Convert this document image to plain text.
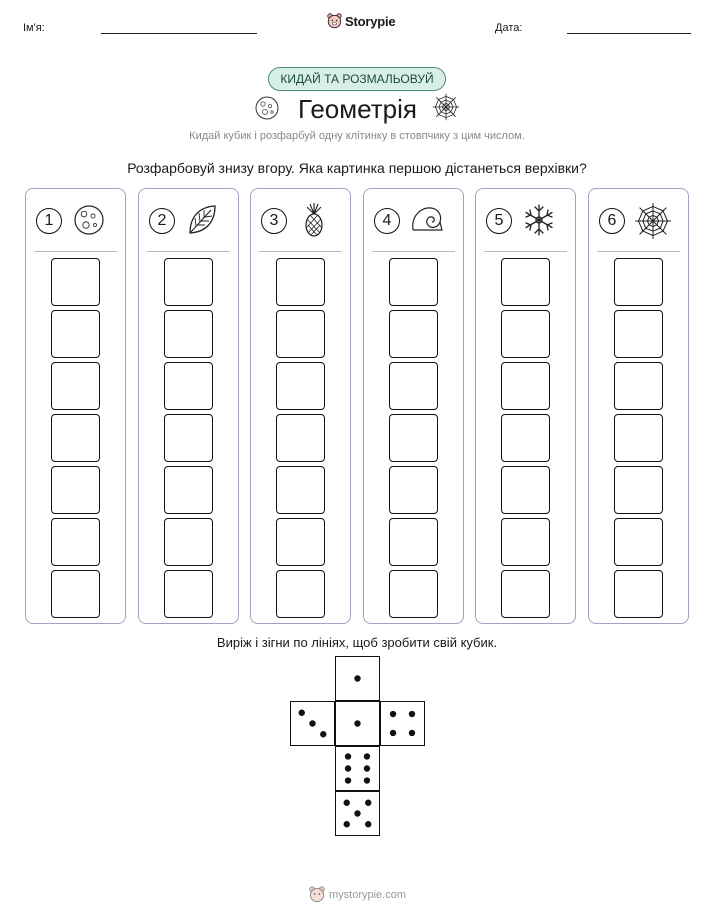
Ім'я:	Storypie	Дата:
КИДАЙ ТА РОЗМАЛЬОВУЙ
Геометрія

Кидай кубик і розфарбуй одну клітинку в стовпчику з цим числом.

Розфарбовуй знизу вгору. Яка картинка першою дістанеться верхівки?

1	2	3	4	5	6

Виріж і зігни по лініях, щоб зробити свій кубик.

mystorypie.com
